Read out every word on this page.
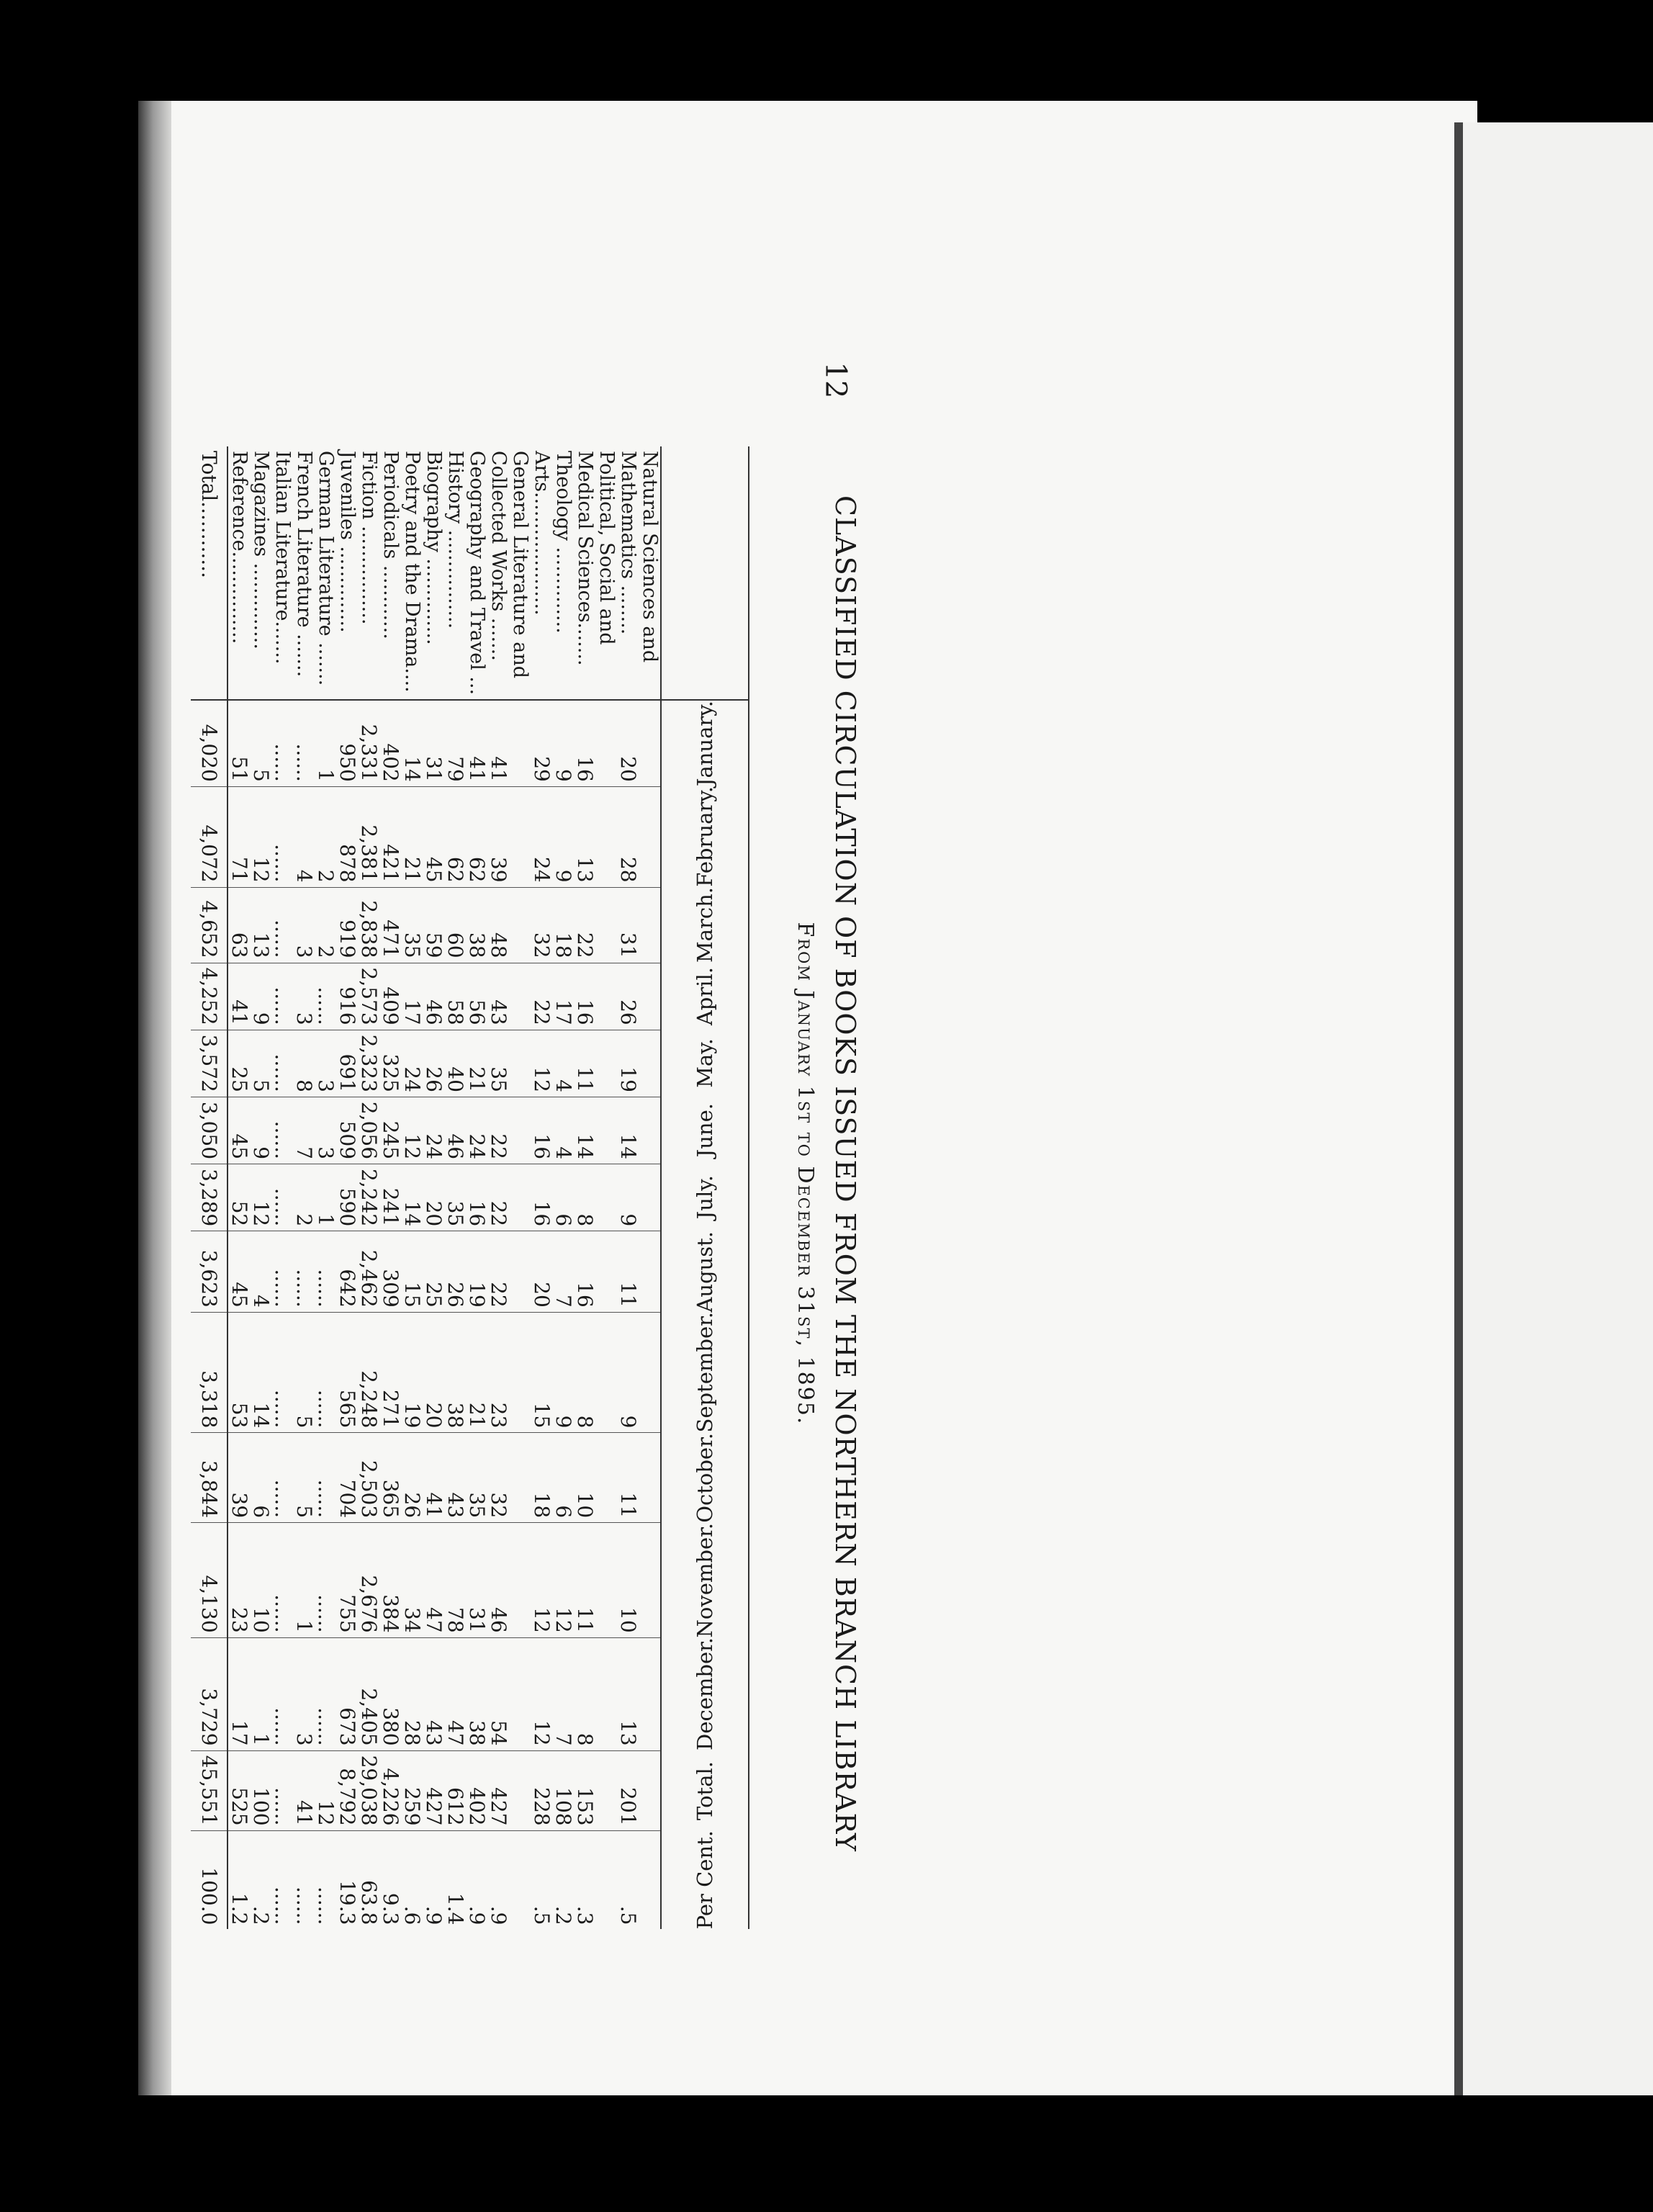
12
CLASSIFIED CIRCULATION OF BOOKS ISSUED FROM THE NORTHERN BRANCH LIBRARY
From January 1st to December 31st, 1895.
	January.	February.	March.	April.	May.	June.	July.	August.	September.	October.	November.	December.	Total.	Per Cent.
Natural Sciences and														
Mathematics ........	20	28	31	26	19	14	9	11	9	11	10	13	201	.5
Political, Social and														
Medical Sciences.......	16	13	22	16	11	14	8	16	8	10	11	8	153	.3
Theology ..............	9	9	18	17	4	4	6	7	9	6	12	7	108	.2
Arts....................	29	24	32	22	12	16	16	20	15	18	12	12	228	.5
General Literature and														
Collected Works .......	41	39	48	43	35	22	22	22	23	32	46	54	427	.9
Geography and Travel ...	41	62	38	56	21	24	16	19	21	35	31	38	402	.9
History ................	79	62	60	58	40	46	35	26	38	43	78	47	612	1.4
Biography ..............	31	45	59	46	26	24	20	25	20	41	47	43	427	.9
Poetry and the Drama....	14	21	35	17	24	12	14	15	19	26	34	28	259	.6
Periodicals ............	402	421	471	409	325	245	241	309	271	365	384	380	4,226	9.3
Fiction ................	2,331	2,381	2,838	2,573	2,323	2,056	2,242	2,462	2,248	2,503	2,676	2,405	29,038	63.8
Juveniles ..............	950	878	919	916	691	509	590	642	565	704	755	673	8,792	19.3
German Literature .......	1	2	2	......	3	3	1	......	......	......	......	......	12	......
French Literature .......	......	4	3	3	8	7	2	......	5	5	1	3	41	......
Italian Literature.......	......	......	......	......	......	......	......	......	......	......	......	......	......	......
Magazines ..............	5	12	13	9	5	9	12	4	14	6	10	1	100	.2
Reference...............	51	71	63	41	25	45	52	45	53	39	23	17	525	1.2
Total............	4,020	4,072	4,652	4,252	3,572	3,050	3,289	3,623	3,318	3,844	4,130	3,729	45,551	100.0
